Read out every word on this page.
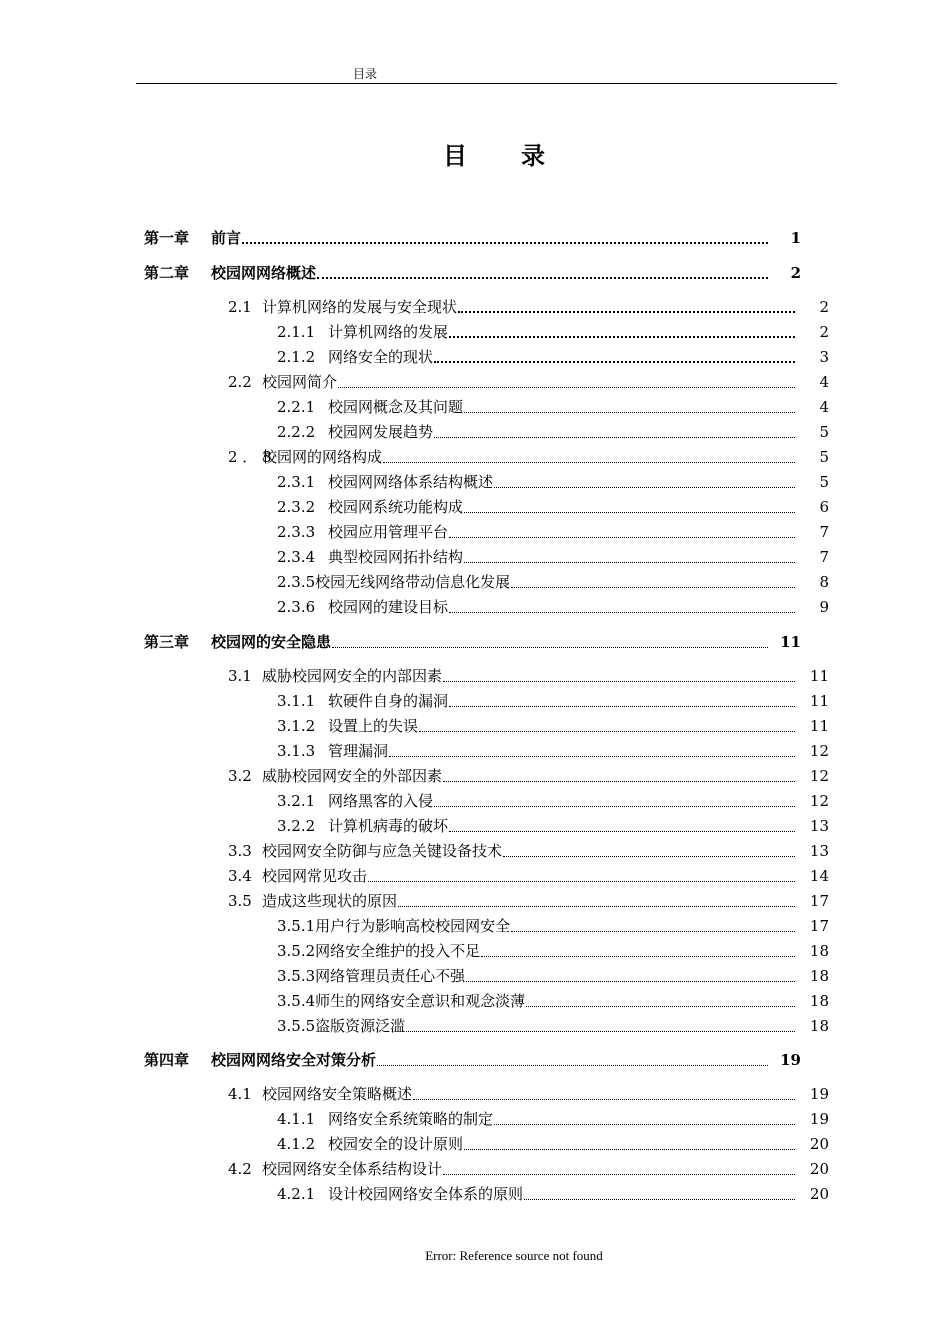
目录
目　　录
第一章 前言	1
第二章 校园网网络概述	2
2.1 计算机网络的发展与安全现状	2
2.1.1 计算机网络的发展	2
2.1.2 网络安全的现状	3
2.2 校园网简介	4
2.2.1 校园网概念及其问题	4
2.2.2 校园网发展趋势	5
2 ． 3校园网的网络构成	5
2.3.1 校园网网络体系结构概述	5
2.3.2 校园网系统功能构成	6
2.3.3 校园应用管理平台	7
2.3.4 典型校园网拓扑结构	7
2.3.5校园无线网络带动信息化发展	8
2.3.6 校园网的建设目标	9
第三章 校园网的安全隐患	11
3.1 威胁校园网安全的内部因素	11
3.1.1 软硬件自身的漏洞	11
3.1.2 设置上的失误	11
3.1.3 管理漏洞	12
3.2 威胁校园网安全的外部因素	12
3.2.1 网络黑客的入侵	12
3.2.2 计算机病毒的破坏	13
3.3 校园网安全防御与应急关键设备技术	13
3.4 校园网常见攻击	14
3.5 造成这些现状的原因	17
3.5.1用户行为影响高校校园网安全	17
3.5.2网络安全维护的投入不足	18
3.5.3网络管理员责任心不强	18
3.5.4师生的网络安全意识和观念淡薄	18
3.5.5盗版资源泛滥	18
第四章 校园网网络安全对策分析	19
4.1 校园网络安全策略概述	19
4.1.1 网络安全系统策略的制定	19
4.1.2 校园安全的设计原则	20
4.2 校园网络安全体系结构设计	20
4.2.1 设计校园网络安全体系的原则	20
Error: Reference source not found
